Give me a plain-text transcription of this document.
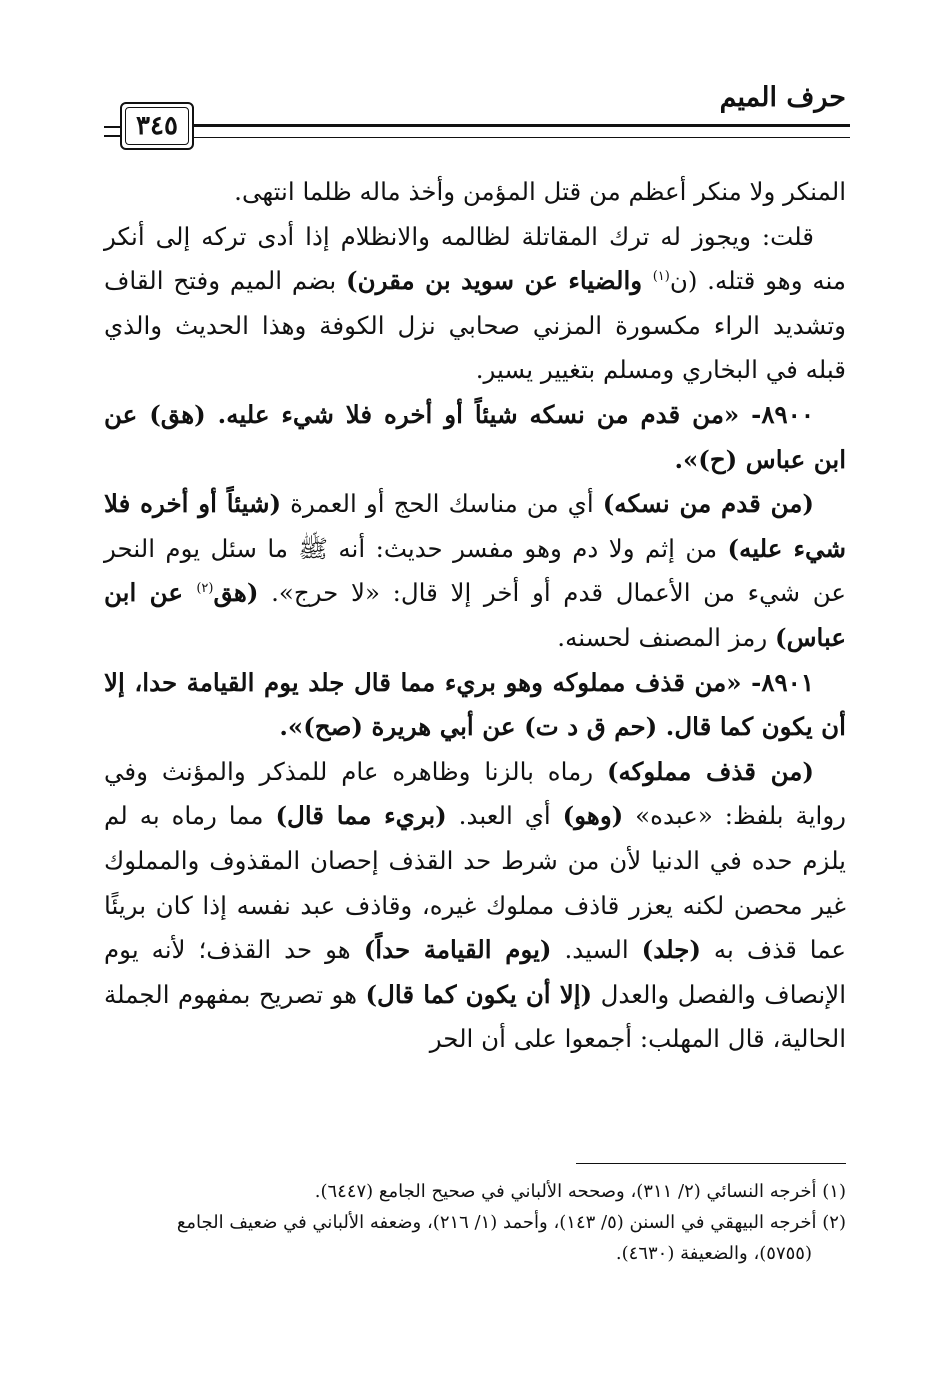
حرف الميم
٣٤٥

المنكر ولا منكر أعظم من قتل المؤمن وأخذ ماله ظلما انتهى.

قلت: ويجوز له ترك المقاتلة لظالمه والانظلام إذا أدى تركه إلى أنكر منه وهو قتله. (ن$^{(١)}$ والضياء عن سويد بن مقرن) بضم الميم وفتح القاف وتشديد الراء مكسورة المزني صحابي نزل الكوفة وهذا الحديث والذي قبله في البخاري ومسلم بتغيير يسير.

٨٩٠٠- «من قدم من نسكه شيئاً أو أخره فلا شيء عليه. (هق) عن ابن عباس (ح)».

(من قدم من نسكه) أي من مناسك الحج أو العمرة (شيئاً أو أخره فلا شيء عليه) من إثم ولا دم وهو مفسر حديث: أنه ﷺ ما سئل يوم النحر عن شيء من الأعمال قدم أو أخر إلا قال: «لا حرج». (هق$^{(٢)}$ عن ابن عباس) رمز المصنف لحسنه.

٨٩٠١- «من قذف مملوكه وهو بريء مما قال جلد يوم القيامة حدا، إلا أن يكون كما قال. (حم ق د ت) عن أبي هريرة (صح)».

(من قذف مملوكه) رماه بالزنا وظاهره عام للمذكر والمؤنث وفي رواية بلفظ: «عبده» (وهو) أي العبد. (بريء مما قال) مما رماه به لم يلزم حده في الدنيا لأن من شرط حد القذف إحصان المقذوف والمملوك غير محصن لكنه يعزر قاذف مملوك غيره، وقاذف عبد نفسه إذا كان بريئًا عما قذف به (جلد) السيد. (يوم القيامة حداً) هو حد القذف؛ لأنه يوم الإنصاف والفصل والعدل (إلا أن يكون كما قال) هو تصريح بمفهوم الجملة الحالية، قال المهلب: أجمعوا على أن الحر

(١) أخرجه النسائي (٢/ ٣١١)، وصححه الألباني في صحيح الجامع (٦٤٤٧).

(٢) أخرجه البيهقي في السنن (٥/ ١٤٣)، وأحمد (١/ ٢١٦)، وضعفه الألباني في ضعيف الجامع

(٥٧٥٥)، والضعيفة (٤٦٣٠).
